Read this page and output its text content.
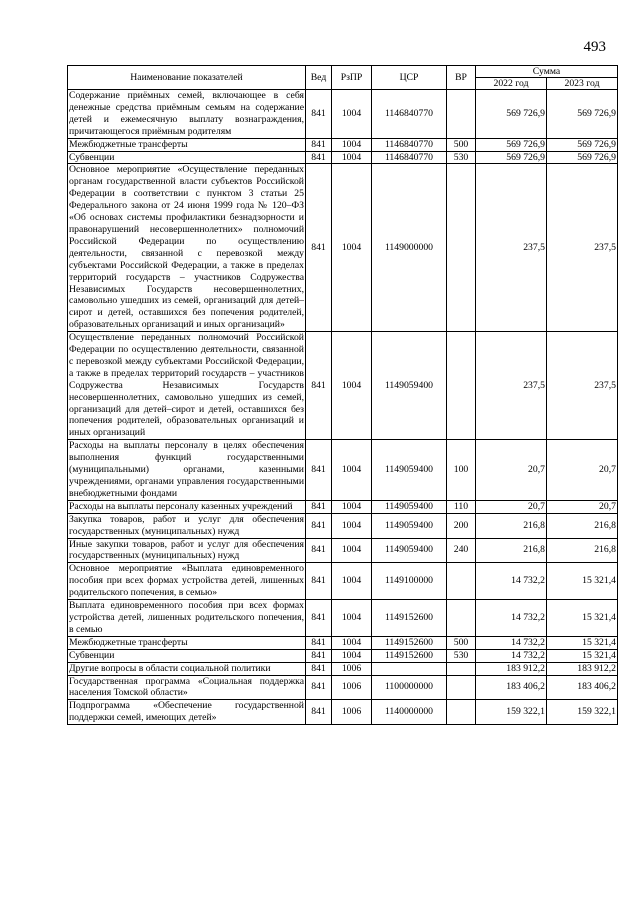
493
Наименование показателей	Вед	РзПР	ЦСР	ВР	Сумма	
					2022 год	2023 год
Содержание приёмных семей, включающее в себя денежные средства приёмным семьям на содержание детей и ежемесячную выплату вознаграждения, причитающегося приёмным родителям	841	1004	1146840770		569 726,9	569 726,9
Межбюджетные трансферты	841	1004	1146840770	500	569 726,9	569 726,9
Субвенции	841	1004	1146840770	530	569 726,9	569 726,9
Основное мероприятие «Осуществление переданных органам государственной власти субъектов Российской Федерации в соответствии с пунктом 3 статьи 25 Федерального закона от 24 июня 1999 года № 120–ФЗ «Об основах системы профилактики безнадзорности и правонарушений несовершеннолетних» полномочий Российской Федерации по осуществлению деятельности, связанной с перевозкой между субъектами Российской Федерации, а также в пределах территорий государств – участников Содружества Независимых Государств несовершеннолетних, самовольно ушедших из семей, организаций для детей–сирот и детей, оставшихся без попечения родителей, образовательных организаций и иных организаций»	841	1004	1149000000		237,5	237,5
Осуществление переданных полномочий Российской Федерации по осуществлению деятельности, связанной с перевозкой между субъектами Российской Федерации, а также в пределах территорий государств – участников Содружества Независимых Государств несовершеннолетних, самовольно ушедших из семей, организаций для детей–сирот и детей, оставшихся без попечения родителей, образовательных организаций и иных организаций	841	1004	1149059400		237,5	237,5
Расходы на выплаты персоналу в целях обеспечения выполнения функций государственными (муниципальными) органами, казенными учреждениями, органами управления государственными внебюджетными фондами	841	1004	1149059400	100	20,7	20,7
Расходы на выплаты персоналу казенных учреждений	841	1004	1149059400	110	20,7	20,7
Закупка товаров, работ и услуг для обеспечения государственных (муниципальных) нужд	841	1004	1149059400	200	216,8	216,8
Иные закупки товаров, работ и услуг для обеспечения государственных (муниципальных) нужд	841	1004	1149059400	240	216,8	216,8
Основное мероприятие «Выплата единовременного пособия при всех формах устройства детей, лишенных родительского попечения, в семью»	841	1004	1149100000		14 732,2	15 321,4
Выплата единовременного пособия при всех формах устройства детей, лишенных родительского попечения, в семью	841	1004	1149152600		14 732,2	15 321,4
Межбюджетные трансферты	841	1004	1149152600	500	14 732,2	15 321,4
Субвенции	841	1004	1149152600	530	14 732,2	15 321,4
Другие вопросы в области социальной политики	841	1006			183 912,2	183 912,2
Государственная программа «Социальная поддержка населения Томской области»	841	1006	1100000000		183 406,2	183 406,2
Подпрограмма «Обеспечение государственной поддержки семей, имеющих детей»	841	1006	1140000000		159 322,1	159 322,1
